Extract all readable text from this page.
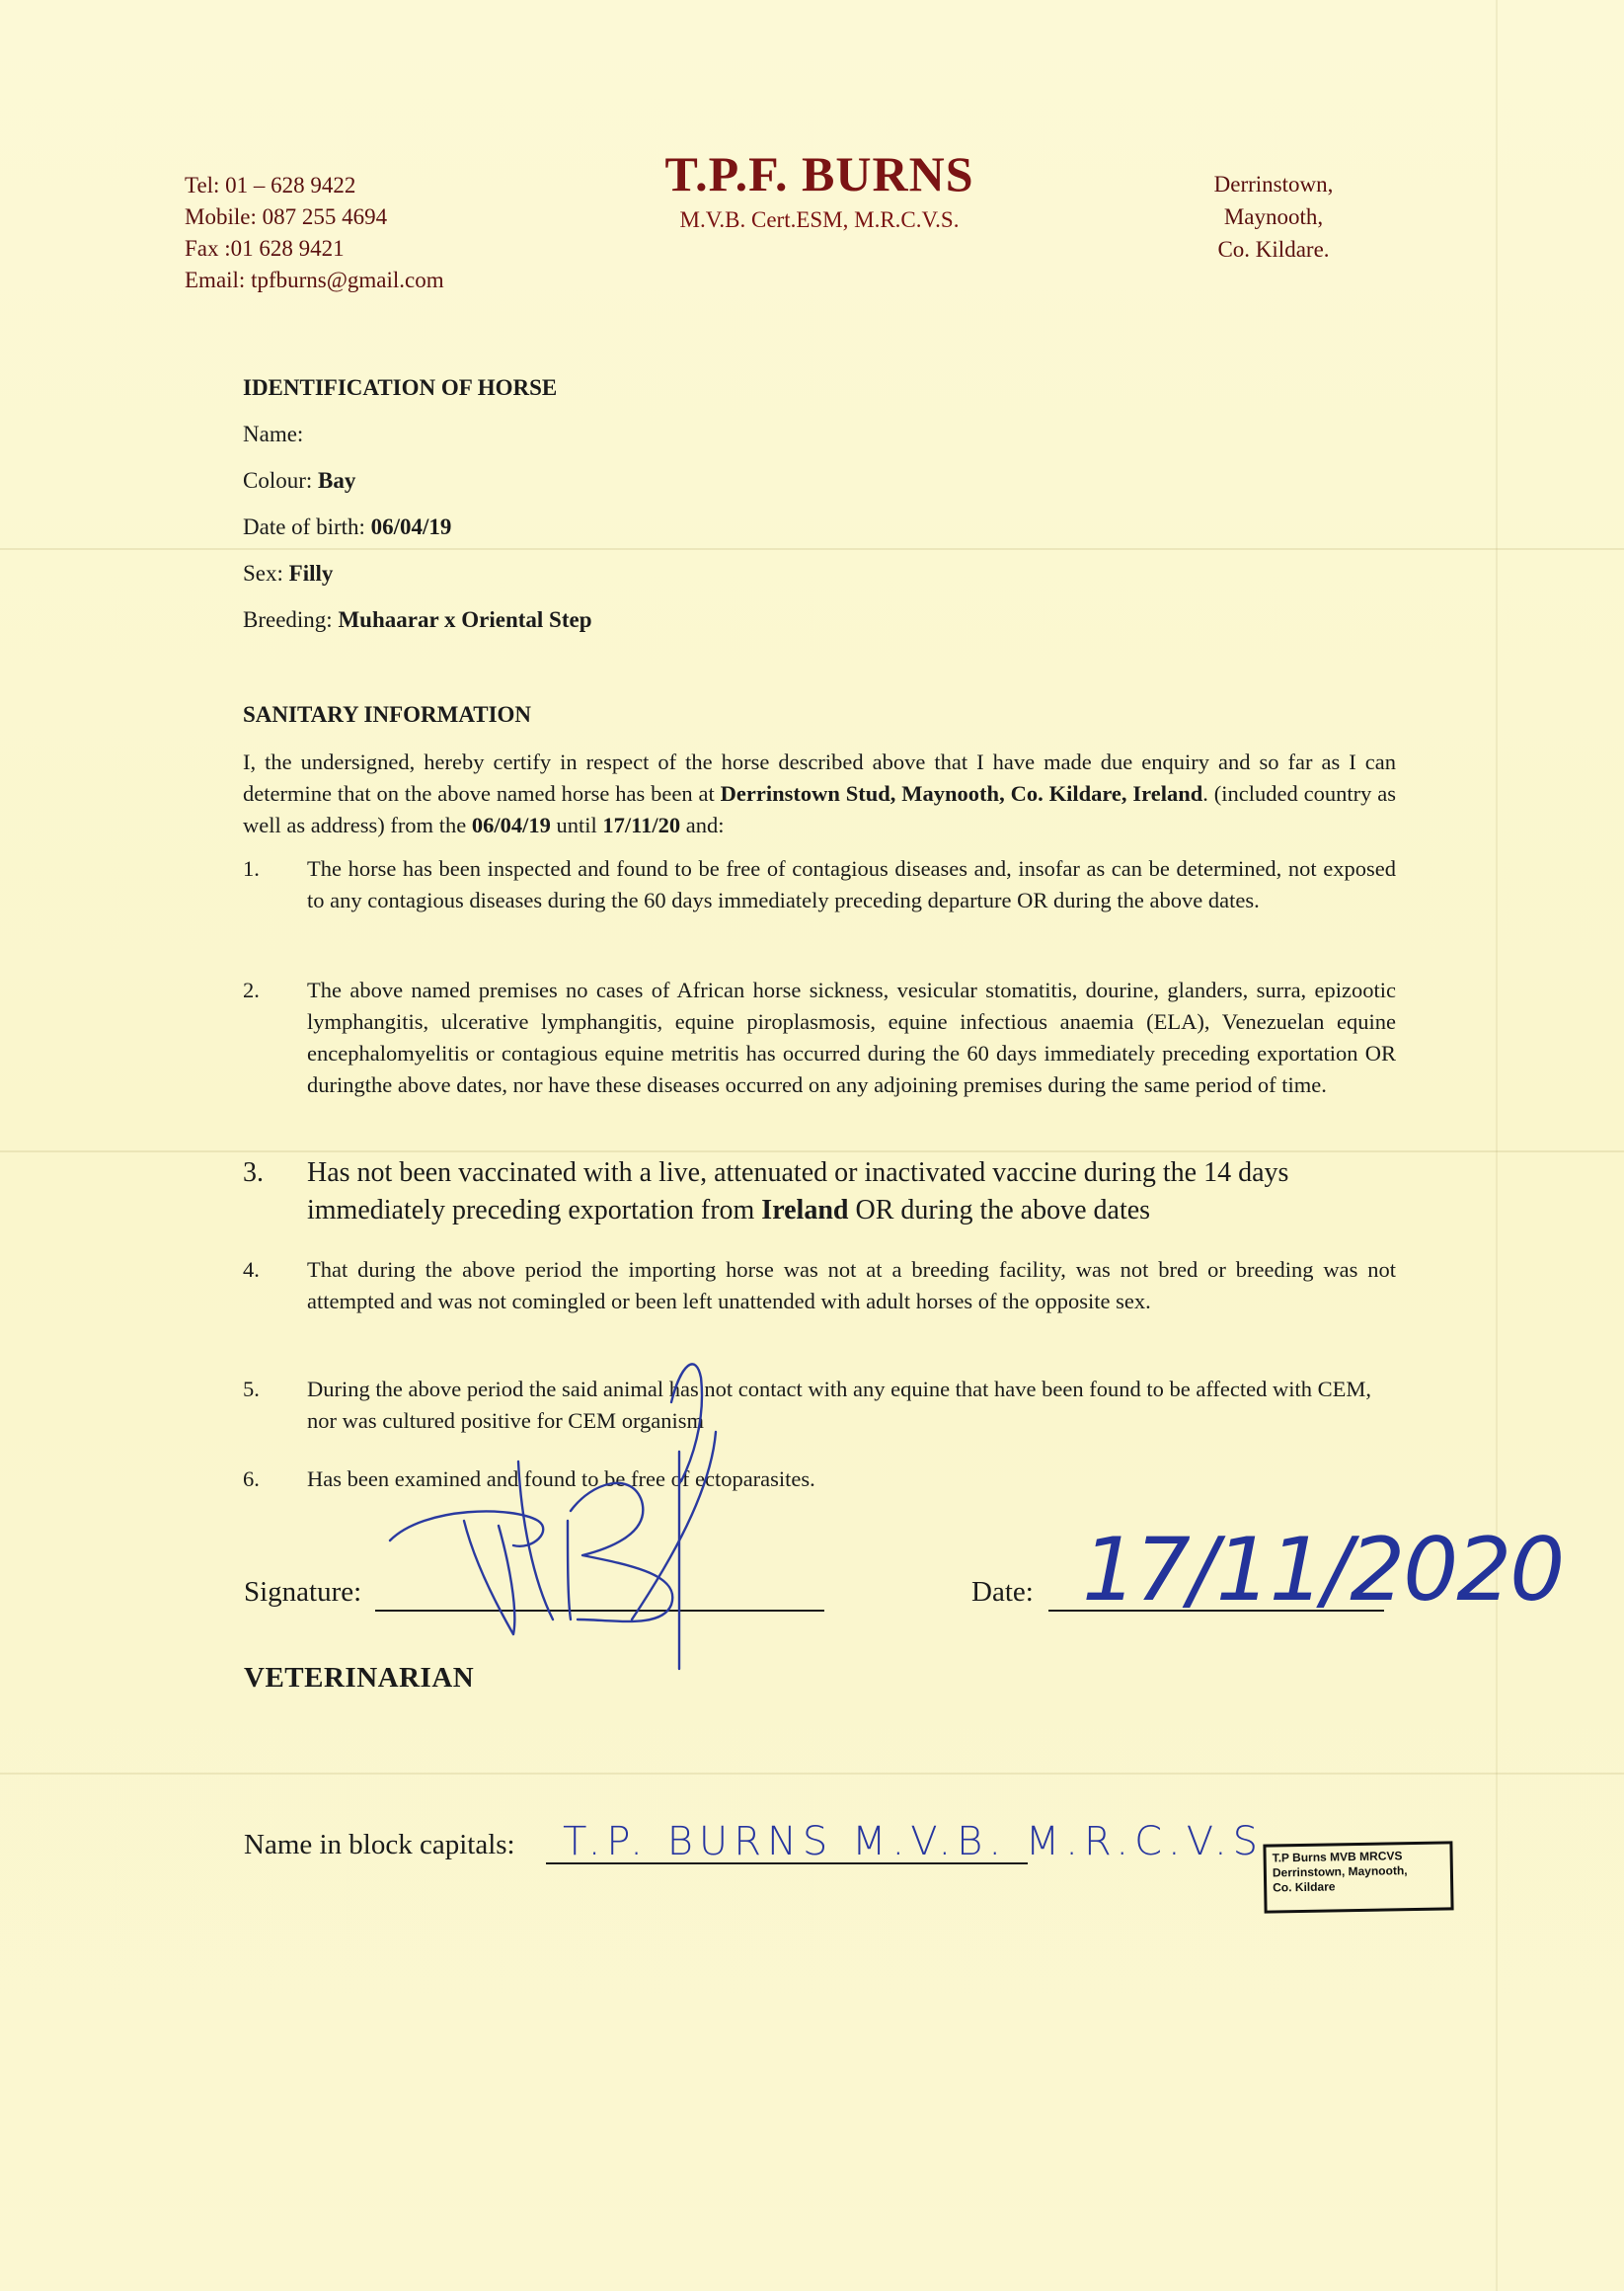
Tel: 01 – 628 9422
Mobile: 087 255 4694
Fax :01 628 9421
Email: tpfburns@gmail.com
T.P.F. BURNS
M.V.B. Cert.ESM, M.R.C.V.S.
Derrinstown,
Maynooth,
Co. Kildare.
IDENTIFICATION OF HORSE
Name:
Colour: Bay
Date of birth: 06/04/19
Sex: Filly
Breeding: Muhaarar x Oriental Step
SANITARY INFORMATION
I, the undersigned, hereby certify in respect of the horse described above that I have made due enquiry and so far as I can determine that on the above named horse has been at Derrinstown Stud, Maynooth, Co. Kildare, Ireland. (included country as well as address) from the 06/04/19 until 17/11/20 and:
1. The horse has been inspected and found to be free of contagious diseases and, insofar as can be determined, not exposed to any contagious diseases during the 60 days immediately preceding departure OR during the above dates.
2. The above named premises no cases of African horse sickness, vesicular stomatitis, dourine, glanders, surra, epizootic lymphangitis, ulcerative lymphangitis, equine piroplasmosis, equine infectious anaemia (ELA), Venezuelan equine encephalomyelitis or contagious equine metritis has occurred during the 60 days immediately preceding exportation OR duringthe above dates, nor have these diseases occurred on any adjoining premises during the same period of time.
3. Has not been vaccinated with a live, attenuated or inactivated vaccine during the 14 days immediately preceding exportation from Ireland OR during the above dates
4. That during the above period the importing horse was not at a breeding facility, was not bred or breeding was not attempted and was not comingled or been left unattended with adult horses of the opposite sex.
5. During the above period the said animal has not contact with any equine that have been found to be affected with CEM, nor was cultured positive for CEM organism
6. Has been examined and found to be free of ectoparasites.
Signature:	Date: 17/11/2020
VETERINARIAN
Name in block capitals: T.P. BURNS M.V.B. M.R.C.V.S T.P Burns MVB MRCVS
Derrinstown, Maynooth,
Co. Kildare
